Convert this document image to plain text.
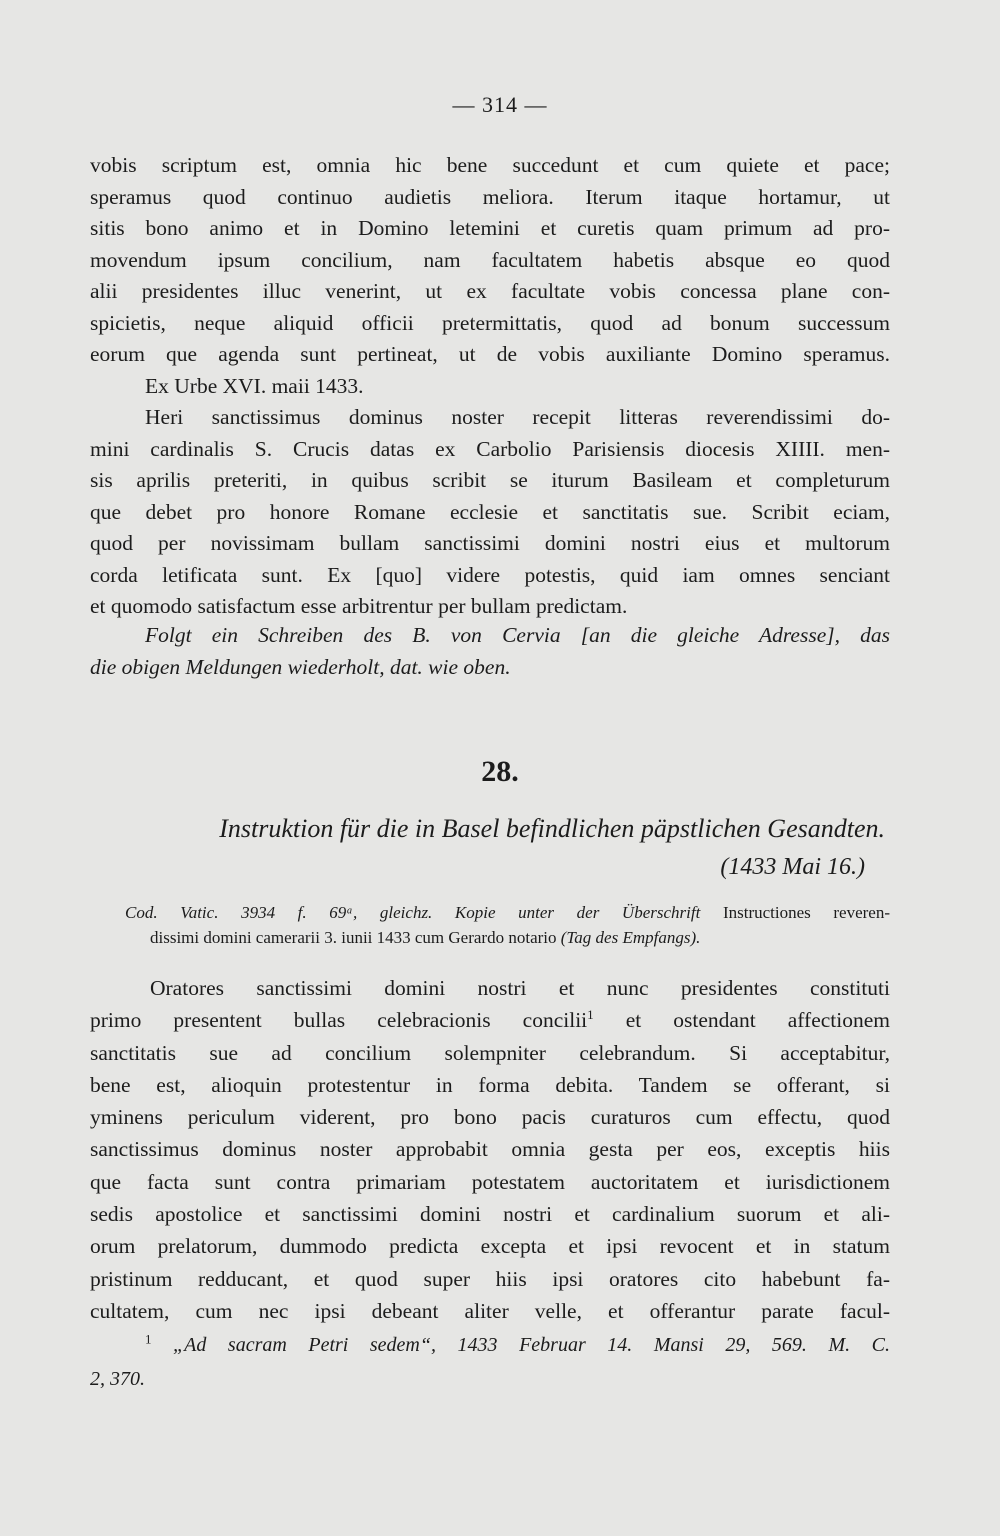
— 314 —
vobis scriptum est, omnia hic bene succedunt et cum quiete et pace;
speramus quod continuo audietis meliora. Iterum itaque hortamur, ut
sitis bono animo et in Domino letemini et curetis quam primum ad pro-
movendum ipsum concilium, nam facultatem habetis absque eo quod
alii presidentes illuc venerint, ut ex facultate vobis concessa plane con-
spicietis, neque aliquid officii pretermittatis, quod ad bonum successum
eorum que agenda sunt pertineat, ut de vobis auxiliante Domino speramus.
Ex Urbe XVI. maii 1433.
Heri sanctissimus dominus noster recepit litteras reverendissimi do-
mini cardinalis S. Crucis datas ex Carbolio Parisiensis diocesis XIIII. men-
sis aprilis preteriti, in quibus scribit se iturum Basileam et completurum
que debet pro honore Romane ecclesie et sanctitatis sue. Scribit eciam,
quod per novissimam bullam sanctissimi domini nostri eius et multorum
corda letificata sunt. Ex [quo] videre potestis, quid iam omnes senciant
et quomodo satisfactum esse arbitrentur per bullam predictam.
Folgt ein Schreiben des B. von Cervia [an die gleiche Adresse], das
die obigen Meldungen wiederholt, dat. wie oben.
28.
Instruktion für die in Basel befindlichen päpstlichen Gesandten.
(1433 Mai 16.)
Cod. Vatic. 3934 f. 69ᵃ, gleichz. Kopie unter der Überschrift Instructiones reveren-
dissimi domini camerarii 3. iunii 1433 cum Gerardo notario (Tag des Empfangs).
Oratores sanctissimi domini nostri et nunc presidentes constituti
primo presentent bullas celebracionis concilii$^1$ et ostendant affectionem
sanctitatis sue ad concilium solempniter celebrandum. Si acceptabitur,
bene est, alioquin protestentur in forma debita. Tandem se offerant, si
yminens periculum viderent, pro bono pacis curaturos cum effectu, quod
sanctissimus dominus noster approbabit omnia gesta per eos, exceptis hiis
que facta sunt contra primariam potestatem auctoritatem et iurisdictionem
sedis apostolice et sanctissimi domini nostri et cardinalium suorum et ali-
orum prelatorum, dummodo predicta excepta et ipsi revocent et in statum
pristinum redducant, et quod super hiis ipsi oratores cito habebunt fa-
cultatem, cum nec ipsi debeant aliter velle, et offerantur parate facul-
$^1$ „Ad sacram Petri sedem“, 1433 Februar 14. Mansi 29, 569. M. C.
2, 370.
